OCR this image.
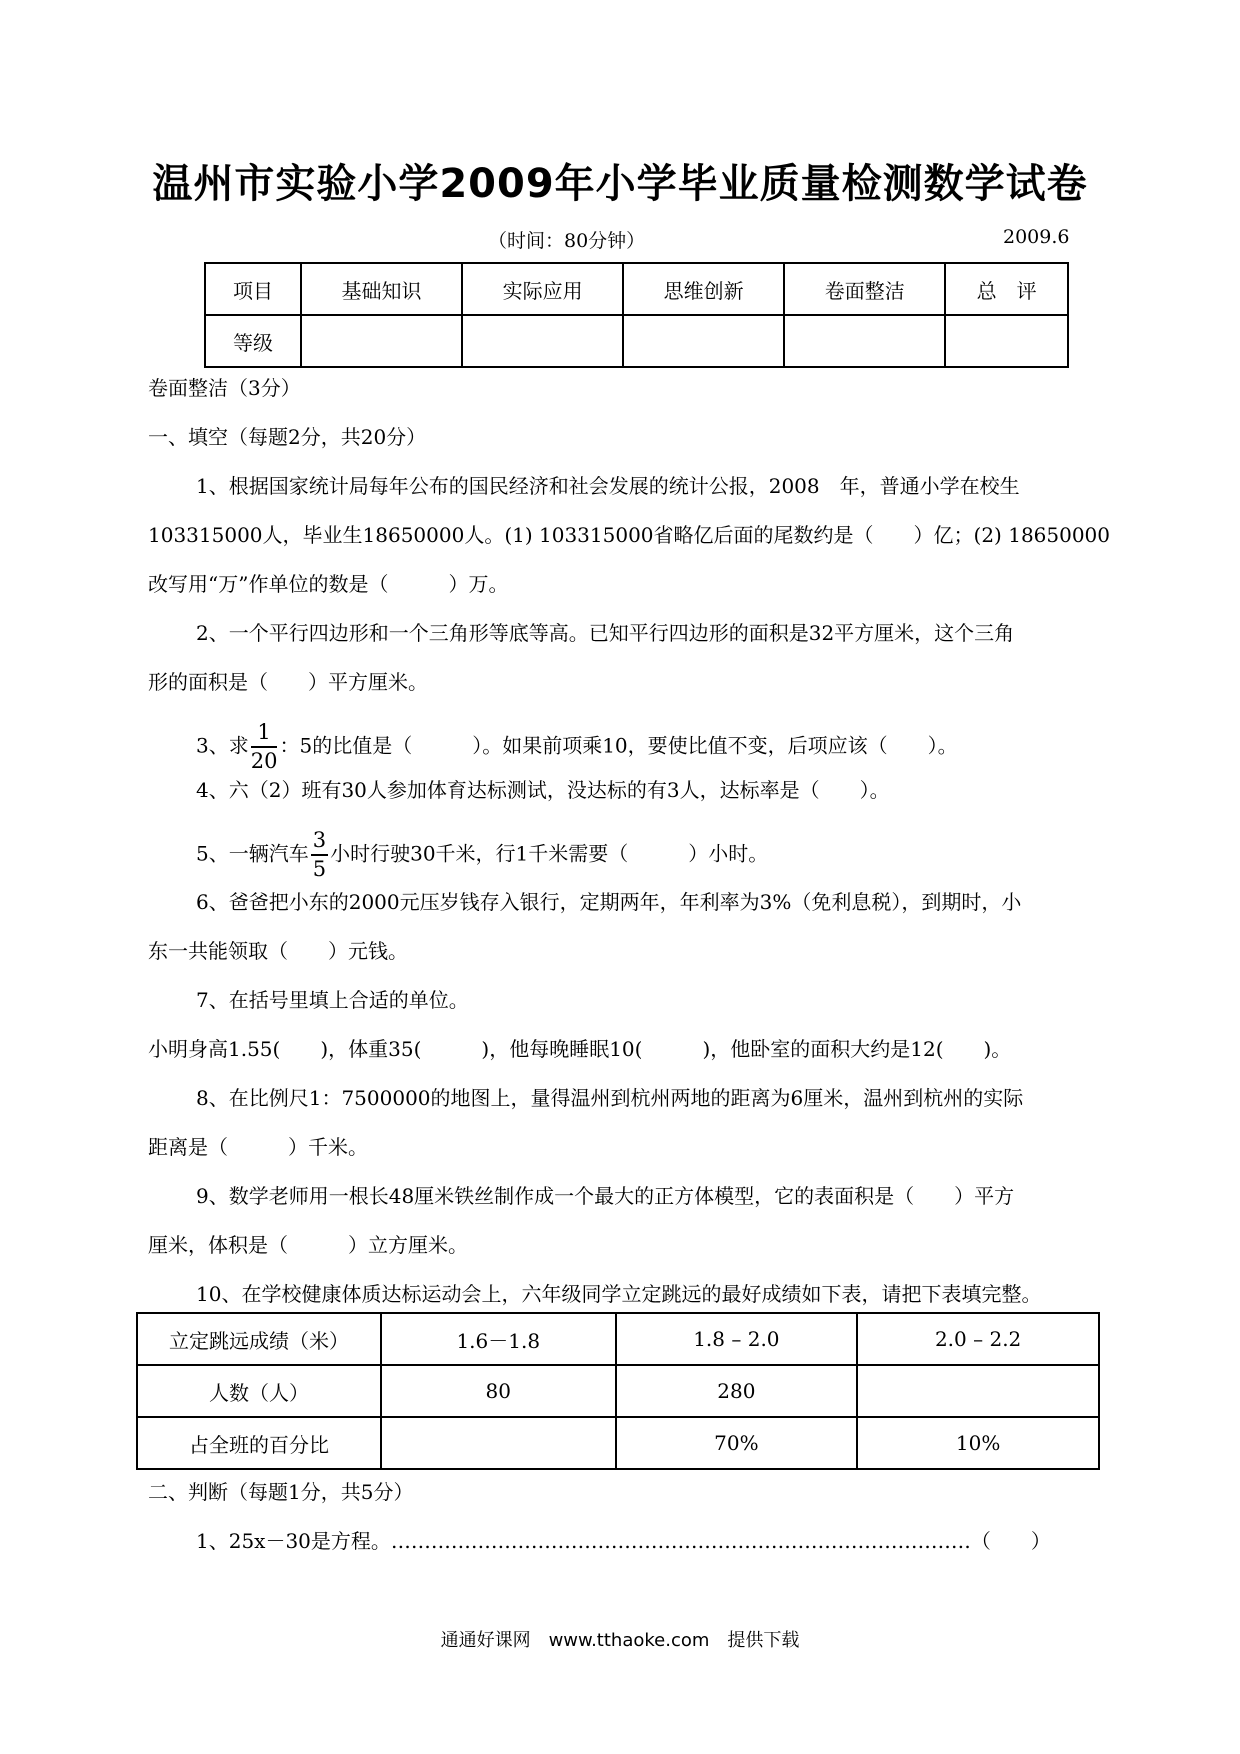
温州市实验小学2009年小学毕业质量检测数学试卷
（时间：80分钟）	2009.6
项目	基础知识	实际应用	思维创新	卷面整洁	总　评
等级					
卷面整洁（3分）
一、填空（每题2分，共20分）
1、根据国家统计局每年公布的国民经济和社会发展的统计公报，2008　年，普通小学在校生
103315000人，毕业生18650000人。(1) 103315000省略亿后面的尾数约是（　　）亿；(2) 18650000
改写用“万”作单位的数是（　　　）万。
2、一个平行四边形和一个三角形等底等高。已知平行四边形的面积是32平方厘米，这个三角
形的面积是（　　）平方厘米。
3、求 $\frac{1}{20}$ ：5的比值是（　　　）。如果前项乘10，要使比值不变，后项应该（　　）。
4、六（2）班有30人参加体育达标测试，没达标的有3人，达标率是（　　）。
5、一辆汽车 $\frac{3}{5}$ 小时行驶30千米，行1千米需要（　　　）小时。
6、爸爸把小东的2000元压岁钱存入银行，定期两年，年利率为3%（免利息税），到期时，小
东一共能领取（　　）元钱。
7、在括号里填上合适的单位。
小明身高1.55(　　)，体重35(　　　)，他每晚睡眠10(　　　)，他卧室的面积大约是12(　　)。
8、在比例尺1：7500000的地图上，量得温州到杭州两地的距离为6厘米，温州到杭州的实际
距离是（　　　）千米。
9、数学老师用一根长48厘米铁丝制作成一个最大的正方体模型，它的表面积是（　　）平方
厘米，体积是（　　　）立方厘米。
10、在学校健康体质达标运动会上，六年级同学立定跳远的最好成绩如下表，请把下表填完整。
立定跳远成绩（米）	1.6－1.8	1.8 – 2.0	2.0 – 2.2
人数（人）	80	280	
占全班的百分比		70%	10%
二、判断（每题1分，共5分）
1、25x－30是方程。……………………………………………………………………………（　　）
通通好课网　www.tthaoke.com　提供下载
